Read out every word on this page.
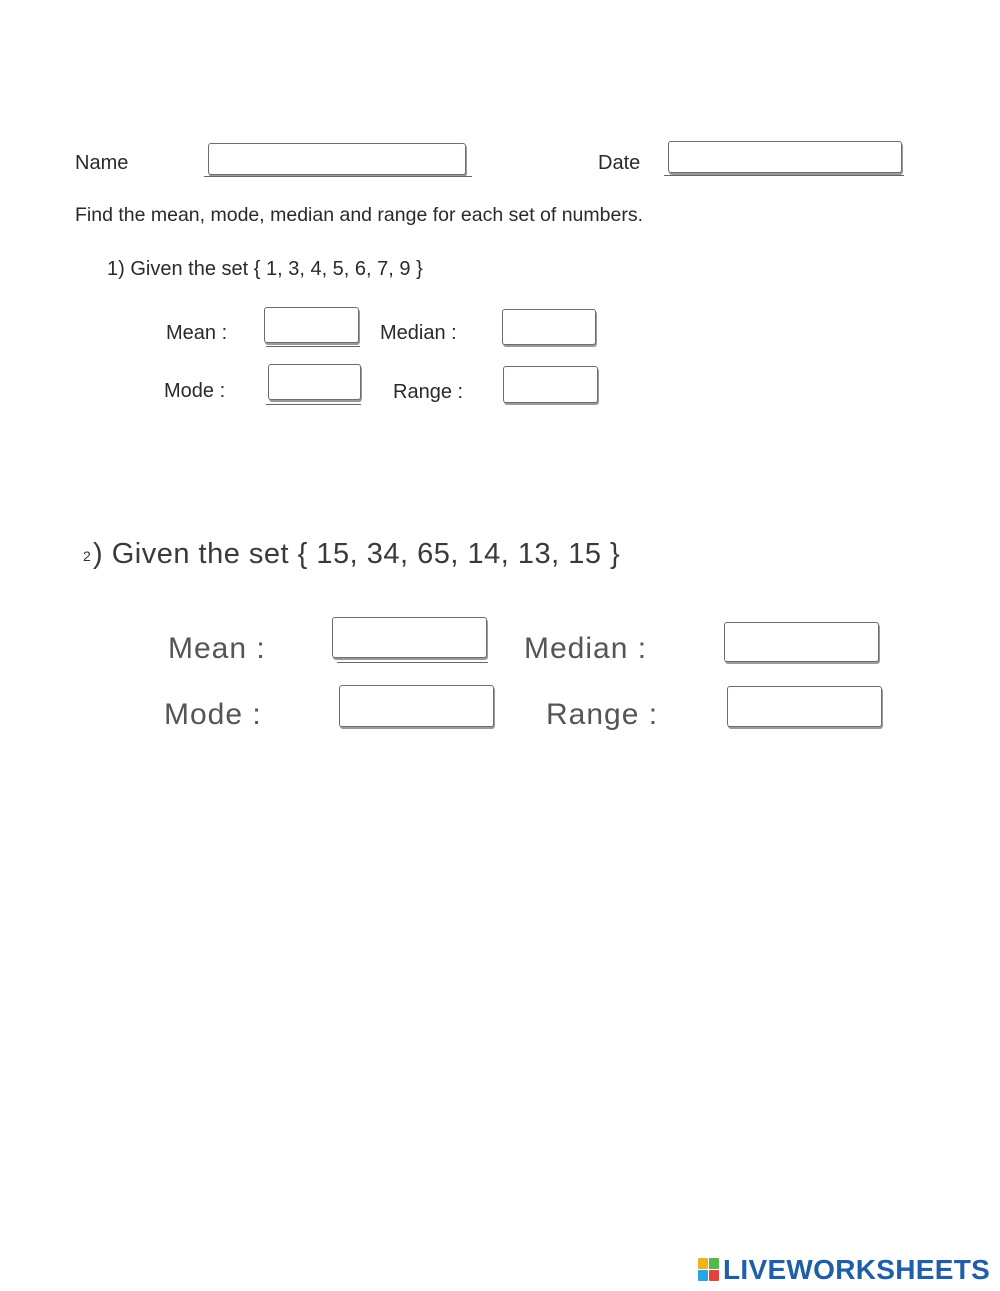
Name	Date
Find the mean, mode, median and range for each set of numbers.
1) Given the set { 1, 3, 4, 5, 6, 7, 9 }
Mean :	Median :
Mode :	Range :
2 ) Given the set { 15, 34, 65, 14, 13, 15 }
Mean :	Median :
Mode :	Range :
LIVEWORKSHEETS
